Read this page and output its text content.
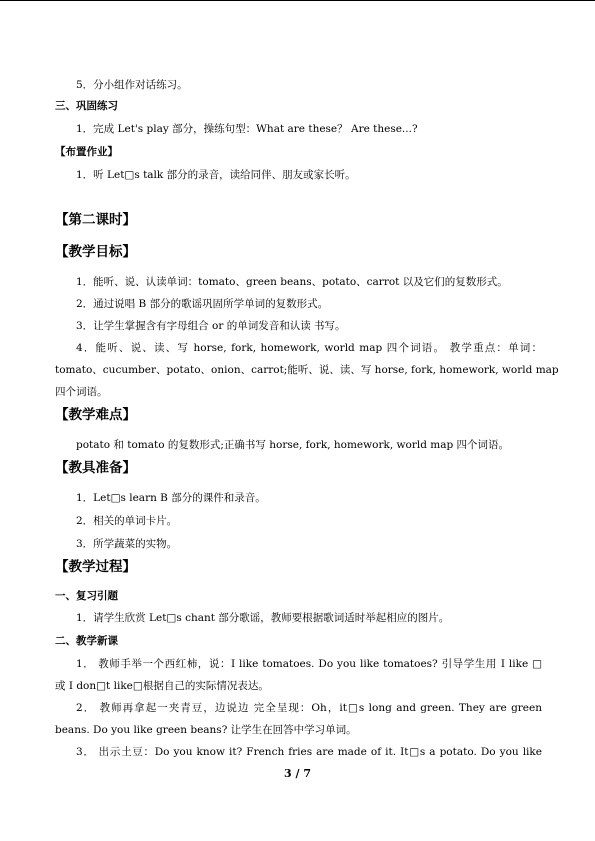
5．分小组作对话练习。
三、巩固练习
1．完成 Let's play 部分，操练句型：What are these？ Are these...?
【布置作业】
1．听 Let□s talk 部分的录音，读给同伴、朋友或家长听。
【第二课时】
【教学目标】
1．能听、说、认读单词：tomato、green beans、potato、carrot 以及它们的复数形式。
2．通过说唱 B 部分的歌谣巩固所学单词的复数形式。
3．让学生掌握含有字母组合 or 的单词发音和认读 书写。
4．能听、说、读、写 horse, fork, homework, world map 四个词语。 教学重点：单词：
tomato、cucumber、potato、onion、carrot;能听、说、读、写 horse, fork, homework, world map
四个词语。
【教学难点】
potato 和 tomato 的复数形式;正确书写 horse, fork, homework, world map 四个词语。
【教具准备】
1．Let□s learn B 部分的课件和录音。
2．相关的单词卡片。
3．所学蔬菜的实物。
【教学过程】
一、复习引题
1．请学生欣赏 Let□s chant 部分歌谣，教师要根据歌词适时举起相应的图片。
二、教学新课
1． 教师手举一个西红柿，说：I like tomatoes. Do you like tomatoes? 引导学生用 I like □
或 I don□t like□根据自己的实际情况表达。
2． 教师再拿起一夹青豆，边说边 完全呈现：Oh，it□s long and green. They are green
beans. Do you like green beans? 让学生在回答中学习单词。
3． 出示土豆：Do you know it? French fries are made of it. It□s a potato. Do you like
3 / 7
